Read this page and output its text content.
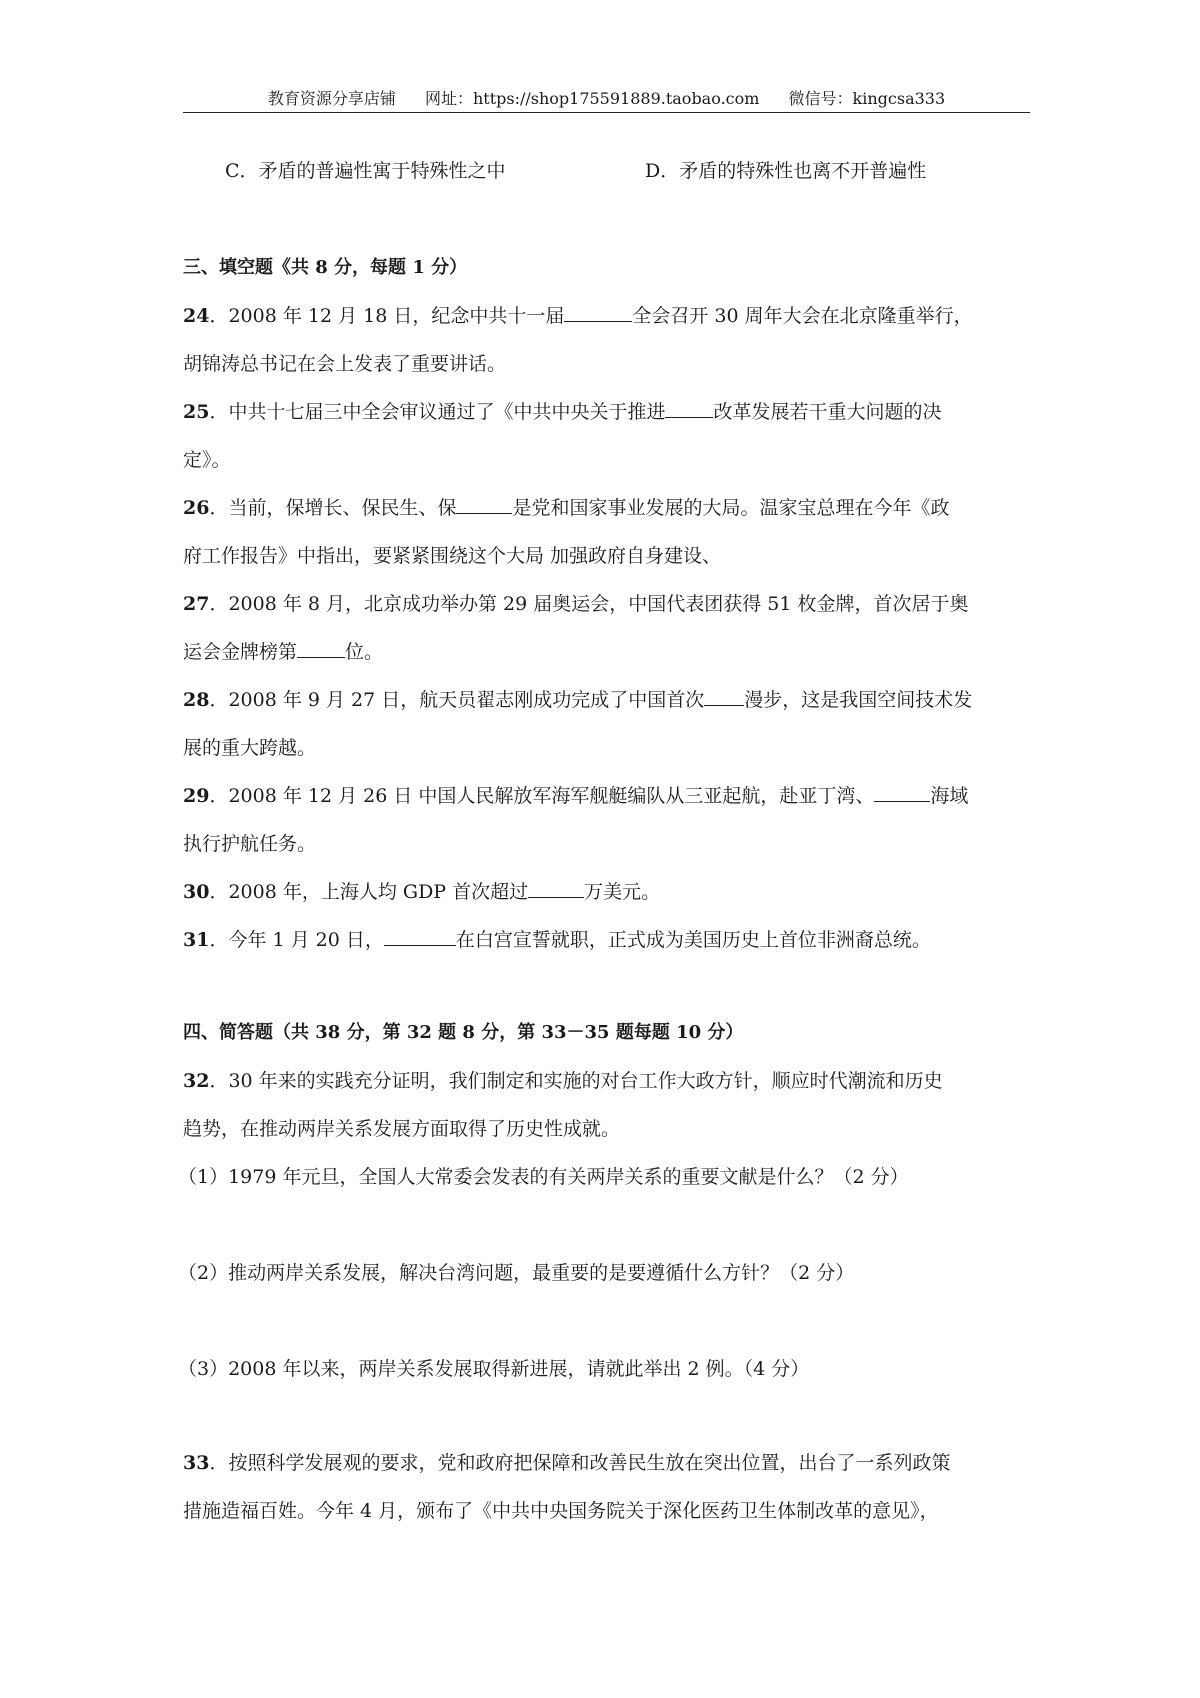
教育资源分享店铺 网址：https://shop175591889.taobao.com 微信号：kingcsa333
C．矛盾的普遍性寓于特殊性之中	D．矛盾的特殊性也离不开普遍性
三、填空题《共 8 分，每题 1 分）
24．2008 年 12 月 18 日，纪念中共十一届	全会召开 30 周年大会在北京隆重举行，
胡锦涛总书记在会上发表了重要讲话。
25．中共十七届三中全会审议通过了《中共中央关于推进	改革发展若干重大问题的决
定》。
26．当前，保增长、保民生、保	是党和国家事业发展的大局。温家宝总理在今年《政
府工作报告》中指出，要紧紧围绕这个大局 加强政府自身建设、
27．2008 年 8 月，北京成功举办第 29 届奥运会，中国代表团获得 51 枚金牌，首次居于奥
运会金牌榜第	位。
28．2008 年 9 月 27 日，航天员翟志刚成功完成了中国首次 漫步，这是我国空间技术发
展的重大跨越。
29．2008 年 12 月 26 日 中国人民解放军海军舰艇编队从三亚起航，赴亚丁湾、	海域
执行护航任务。
30．2008 年，上海人均 GDP 首次超过	万美元。
31．今年 1 月 20 日，	在白宫宣誓就职，正式成为美国历史上首位非洲裔总统。
四、简答题（共 38 分，第 32 题 8 分，第 33－35 题每题 10 分）
32．30 年来的实践充分证明，我们制定和实施的对台工作大政方针，顺应时代潮流和历史
趋势，在推动两岸关系发展方面取得了历史性成就。
（1）1979 年元旦，全国人大常委会发表的有关两岸关系的重要文献是什么？（2 分）
（2）推动两岸关系发展，解决台湾问题，最重要的是要遵循什么方针？（2 分）
（3）2008 年以来，两岸关系发展取得新进展，请就此举出 2 例。（4 分）
33．按照科学发展观的要求，党和政府把保障和改善民生放在突出位置，出台了一系列政策
措施造福百姓。今年 4 月，颁布了《中共中央国务院关于深化医药卫生体制改革的意见》，
